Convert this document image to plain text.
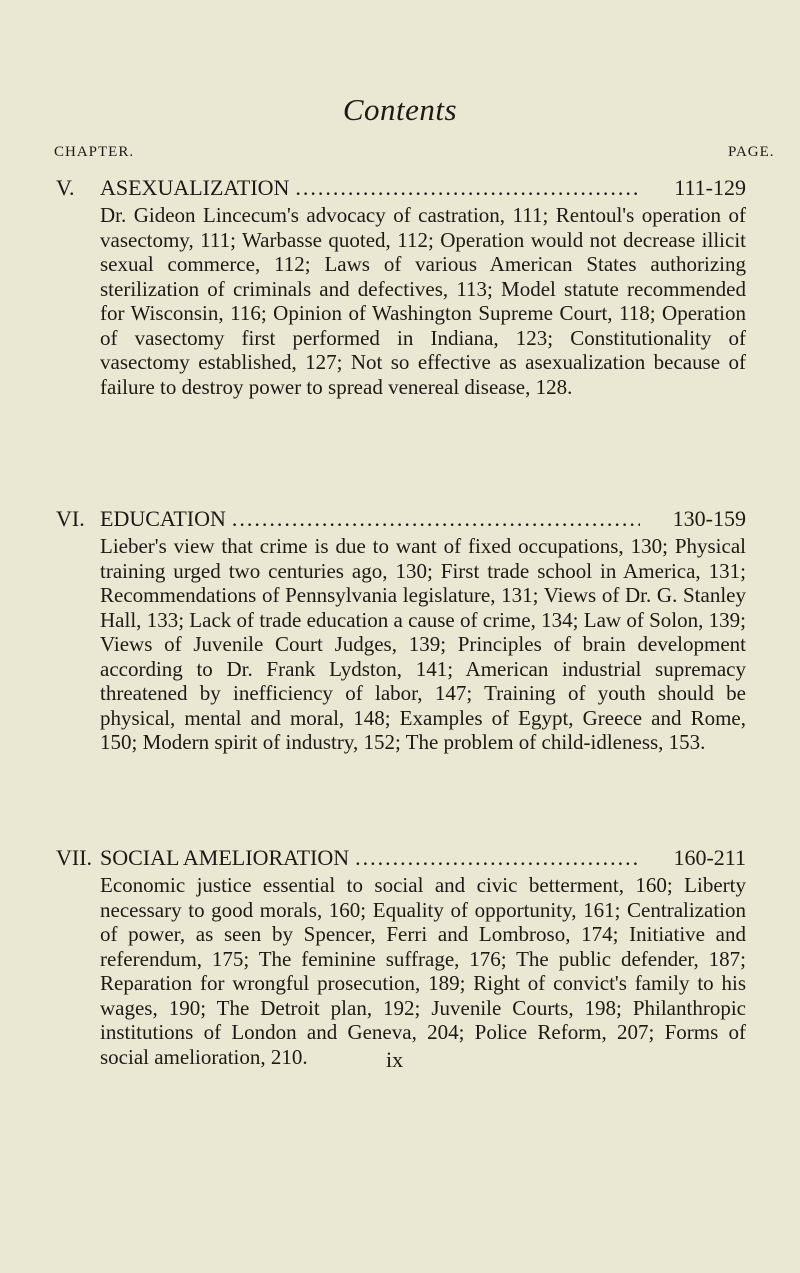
Contents
CHAPTER.	PAGE.
V.	ASEXUALIZATION .....	111-129
Dr. Gideon Lincecum's advocacy of castration, 111; Rentoul's operation of vasectomy, 111; Warbasse quoted, 112; Operation would not decrease illicit sexual commerce, 112; Laws of various American States authorizing sterilization of criminals and defectives, 113; Model statute recommended for Wisconsin, 116; Opinion of Washington Supreme Court, 118; Operation of vasectomy first performed in Indiana, 123; Constitutionality of vasectomy established, 127; Not so effective as asexualization because of failure to destroy power to spread venereal disease, 128.
VI. EDUCATION .....	130-159
Lieber's view that crime is due to want of fixed occupations, 130; Physical training urged two centuries ago, 130; First trade school in America, 131; Recommendations of Pennsylvania legislature, 131; Views of Dr. G. Stanley Hall, 133; Lack of trade education a cause of crime, 134; Law of Solon, 139; Views of Juvenile Court Judges, 139; Principles of brain development according to Dr. Frank Lydston, 141; American industrial supremacy threatened by inefficiency of labor, 147; Training of youth should be physical, mental and moral, 148; Examples of Egypt, Greece and Rome, 150; Modern spirit of industry, 152; The problem of child-idleness, 153.
VII. SOCIAL AMELIORATION .....	160-211
Economic justice essential to social and civic betterment, 160; Liberty necessary to good morals, 160; Equality of opportunity, 161; Centralization of power, as seen by Spencer, Ferri and Lombroso, 174; Initiative and referendum, 175; The feminine suffrage, 176; The public defender, 187; Reparation for wrongful prosecution, 189; Right of convict's family to his wages, 190; The Detroit plan, 192; Juvenile Courts, 198; Philanthropic institutions of London and Geneva, 204; Police Reform, 207; Forms of social amelioration, 210.	ix
